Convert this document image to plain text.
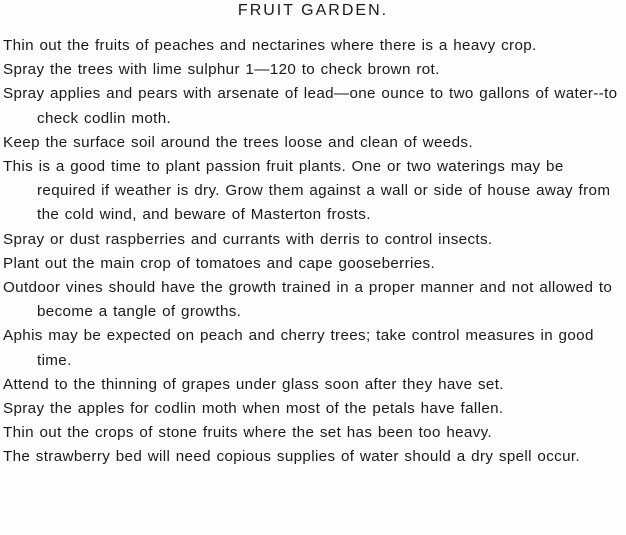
FRUIT GARDEN.
Thin out the fruits of peaches and nectarines where there is a heavy crop.
Spray the trees with lime sulphur 1—120 to check brown rot.
Spray applies and pears with arsenate of lead—one ounce to two gallons of water--to check codlin moth.
Keep the surface soil around the trees loose and clean of weeds.
This is a good time to plant passion fruit plants. One or two waterings may be required if weather is dry. Grow them against a wall or side of house away from the cold wind, and beware of Masterton frosts.
Spray or dust raspberries and currants with derris to control insects.
Plant out the main crop of tomatoes and cape gooseberries.
Outdoor vines should have the growth trained in a proper manner and not allowed to become a tangle of growths.
Aphis may be expected on peach and cherry trees; take control measures in good time.
Attend to the thinning of grapes under glass soon after they have set.
Spray the apples for codlin moth when most of the petals have fallen.
Thin out the crops of stone fruits where the set has been too heavy.
The strawberry bed will need copious supplies of water should a dry spell occur.
